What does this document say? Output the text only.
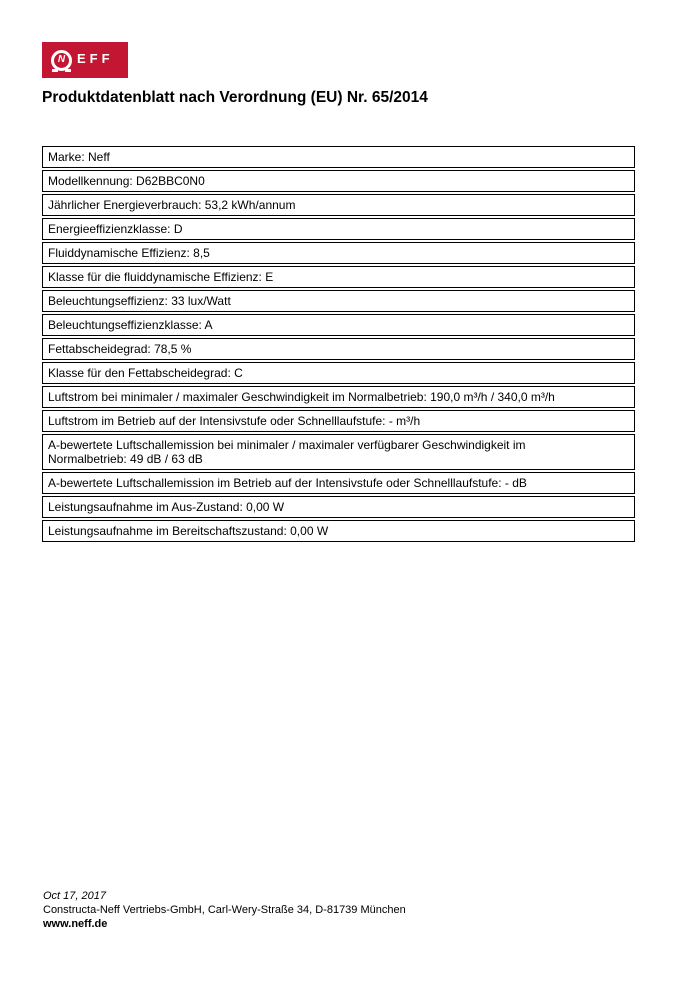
N EFF
Produktdatenblatt nach Verordnung (EU) Nr. 65/2014
Marke: Neff
Modellkennung: D62BBC0N0
Jährlicher Energieverbrauch: 53,2 kWh/annum
Energieeffizienzklasse: D
Fluiddynamische Effizienz: 8,5
Klasse für die fluiddynamische Effizienz: E
Beleuchtungseffizienz: 33 lux/Watt
Beleuchtungseffizienzklasse: A
Fettabscheidegrad: 78,5 %
Klasse für den Fettabscheidegrad: C
Luftstrom bei minimaler / maximaler Geschwindigkeit im Normalbetrieb: 190,0 m³/h / 340,0 m³/h
Luftstrom im Betrieb auf der Intensivstufe oder Schnelllaufstufe: - m³/h
A-bewertete Luftschallemission bei minimaler / maximaler verfügbarer Geschwindigkeit im Normalbetrieb: 49 dB / 63 dB
A-bewertete Luftschallemission im Betrieb auf der Intensivstufe oder Schnelllaufstufe: - dB
Leistungsaufnahme im Aus-Zustand: 0,00 W
Leistungsaufnahme im Bereitschaftszustand: 0,00 W
Oct 17, 2017
Constructa-Neff Vertriebs-GmbH, Carl-Wery-Straße 34, D-81739 München
www.neff.de
